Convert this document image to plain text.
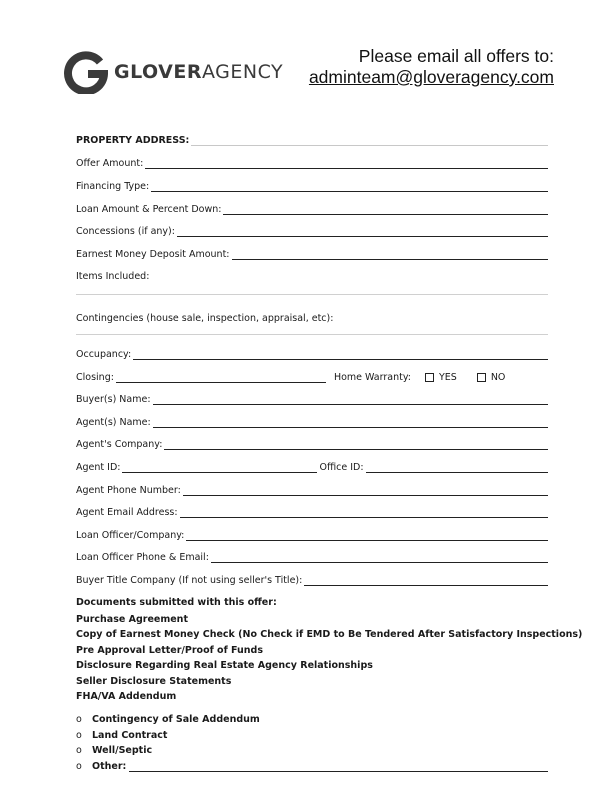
GLOVERAGENCY
Please email all offers to:
adminteam@gloveragency.com
PROPERTY ADDRESS:
Offer Amount:
Financing Type:
Loan Amount & Percent Down:
Concessions (if any):
Earnest Money Deposit Amount:
Items Included:
Contingencies (house sale, inspection, appraisal, etc):
Occupancy:
Closing:	Home Warranty:	YES	NO
Buyer(s) Name:
Agent(s) Name:
Agent's Company:
Agent ID:	Office ID:
Agent Phone Number:
Agent Email Address:
Loan Officer/Company:
Loan Officer Phone & Email:
Buyer Title Company (If not using seller's Title):
Documents submitted with this offer:
Purchase Agreement
Copy of Earnest Money Check (No Check if EMD to Be Tendered After Satisfactory Inspections)
Pre Approval Letter/Proof of Funds
Disclosure Regarding Real Estate Agency Relationships
Seller Disclosure Statements
FHA/VA Addendum
o	Contingency of Sale Addendum
o	Land Contract
o	Well/Septic
o	Other:
